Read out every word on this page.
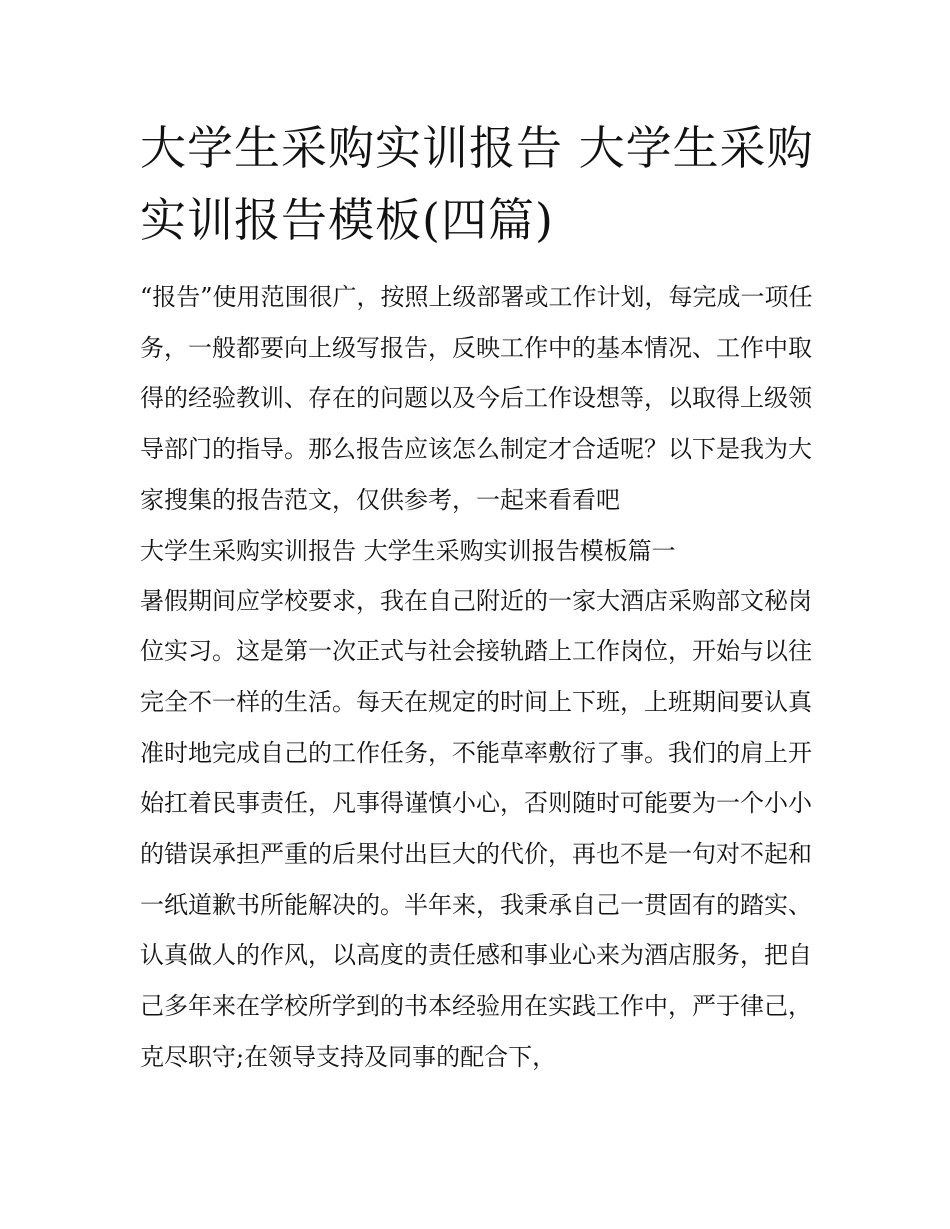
大学生采购实训报告 大学生采购实训报告模板(四篇)

“报告”使用范围很广，按照上级部署或工作计划，每完成一项任务，一般都要向上级写报告，反映工作中的基本情况、工作中取得的经验教训、存在的问题以及今后工作设想等，以取得上级领导部门的指导。那么报告应该怎么制定才合适呢？以下是我为大家搜集的报告范文，仅供参考，一起来看看吧

大学生采购实训报告 大学生采购实训报告模板篇一

暑假期间应学校要求，我在自己附近的一家大酒店采购部文秘岗位实习。这是第一次正式与社会接轨踏上工作岗位，开始与以往完全不一样的生活。每天在规定的时间上下班，上班期间要认真准时地完成自己的工作任务，不能草率敷衍了事。我们的肩上开始扛着民事责任，凡事得谨慎小心，否则随时可能要为一个小小的错误承担严重的后果付出巨大的代价，再也不是一句对不起和一纸道歉书所能解决的。半年来，我秉承自己一贯固有的踏实、认真做人的作风，以高度的责任感和事业心来为酒店服务，把自己多年来在学校所学到的书本经验用在实践工作中，严于律己，克尽职守;在领导支持及同事的配合下，
